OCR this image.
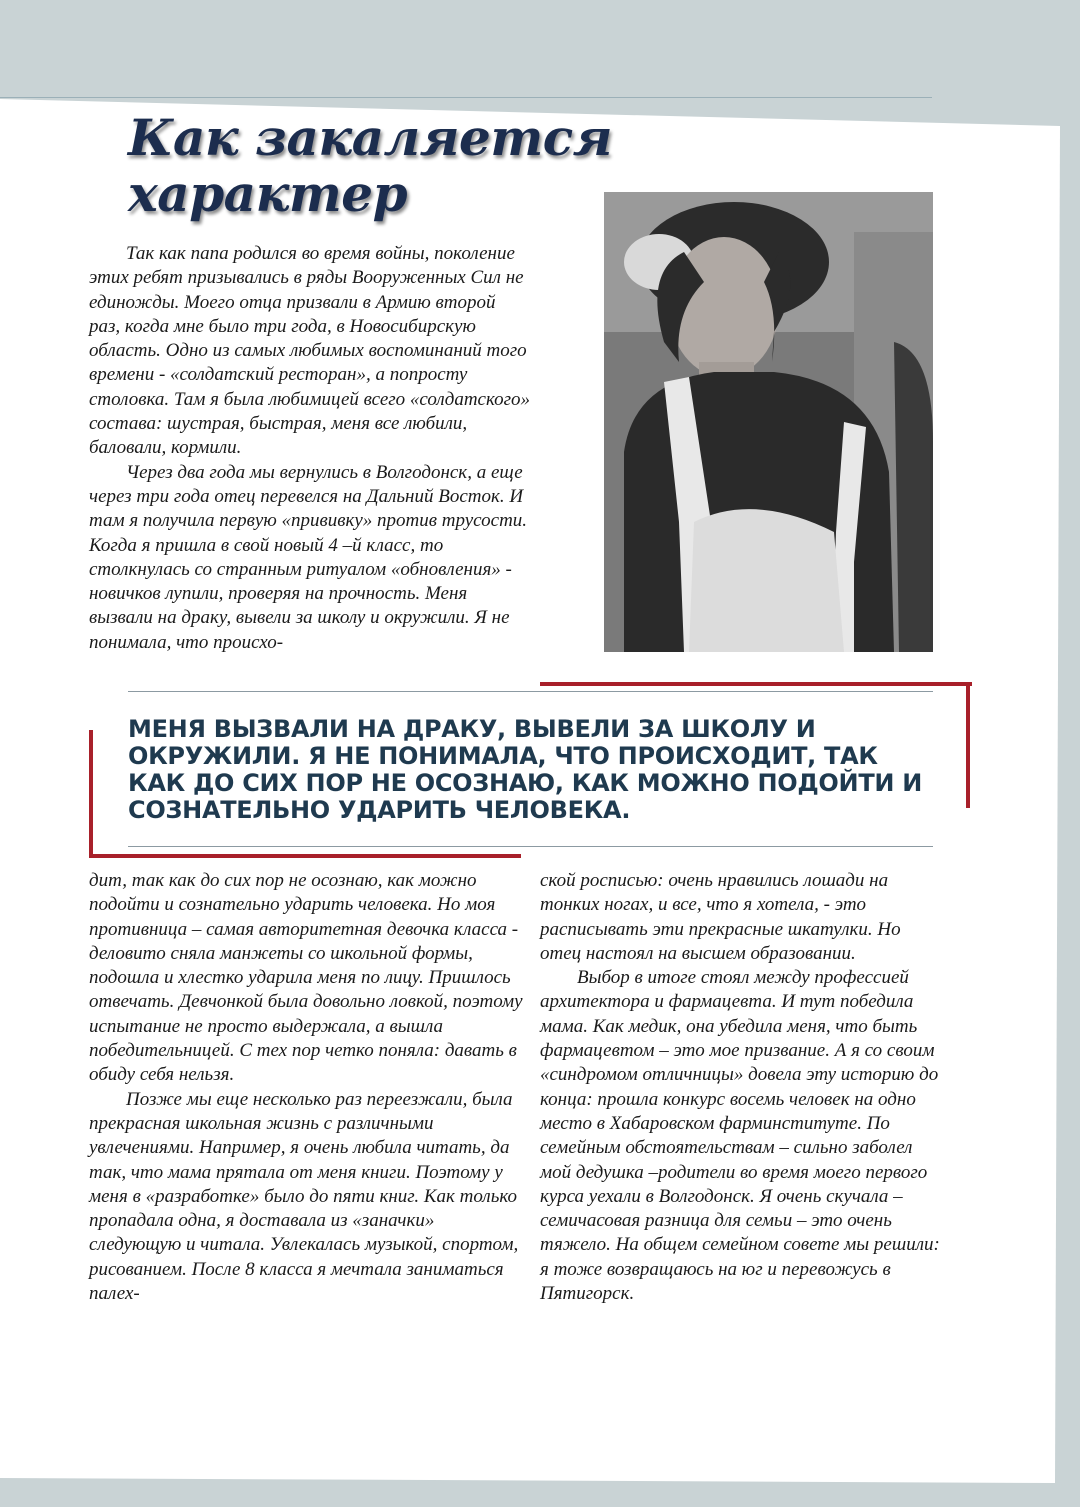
Как закаляется
характер

Так как папа родился во время войны, поколение этих ребят призывались в ряды Вооруженных Сил не единожды. Моего отца призвали в Армию второй раз, когда мне было три года, в Новосибирскую область. Одно из самых любимых воспоминаний того времени - «солдатский ресторан», а попросту столовка. Там я была любимицей всего «солдатского» состава: шустрая, быстрая, меня все любили, баловали, кормили.

Через два года мы вернулись в Волгодонск, а еще через три года отец перевелся на Дальний Восток. И там я получила первую «прививку» против трусости. Когда я пришла в свой новый 4 –й класс, то столкнулась со странным ритуалом «обновления» - новичков лупили, проверяя на прочность. Меня вызвали на драку, вывели за школу и окружили. Я не понимала, что происхо-

МЕНЯ ВЫЗВАЛИ НА ДРАКУ, ВЫВЕЛИ ЗА ШКОЛУ И ОКРУЖИЛИ. Я НЕ ПОНИМАЛА, ЧТО ПРОИСХОДИТ, ТАК КАК ДО СИХ ПОР НЕ ОСОЗНАЮ, КАК МОЖНО ПОДОЙТИ И СОЗНАТЕЛЬНО УДАРИТЬ ЧЕЛОВЕКА.

дит, так как до сих пор не осознаю, как можно подойти и сознательно ударить человека. Но моя противница – самая авторитетная девочка класса - деловито сняла манжеты со школьной формы, подошла и хлестко ударила меня по лицу. Пришлось отвечать. Девчонкой была довольно ловкой, поэтому испытание не просто выдержала, а вышла победительницей. С тех пор четко поняла: давать в обиду себя нельзя.

Позже мы еще несколько раз переезжали, была прекрасная школьная жизнь с различными увлечениями. Например, я очень любила читать, да так, что мама прятала от меня книги. Поэтому у меня в «разработке» было до пяти книг. Как только пропадала одна, я доставала из «заначки» следующую и читала. Увлекалась музыкой, спортом, рисованием. После 8 класса я мечтала заниматься палех-

ской росписью: очень нравились лошади на тонких ногах, и все, что я хотела, - это расписывать эти прекрасные шкатулки. Но отец настоял на высшем образовании.

Выбор в итоге стоял между профессией архитектора и фармацевта. И тут победила мама. Как медик, она убедила меня, что быть фармацевтом – это мое призвание. А я со своим «синдромом отличницы» довела эту историю до конца: прошла конкурс восемь человек на одно место в Хабаровском фарминституте. По семейным обстоятельствам – сильно заболел мой дедушка –родители во время моего первого курса уехали в Волгодонск. Я очень скучала – семичасовая разница для семьи – это очень тяжело. На общем семейном совете мы решили: я тоже возвращаюсь на юг и перевожусь в Пятигорск.
